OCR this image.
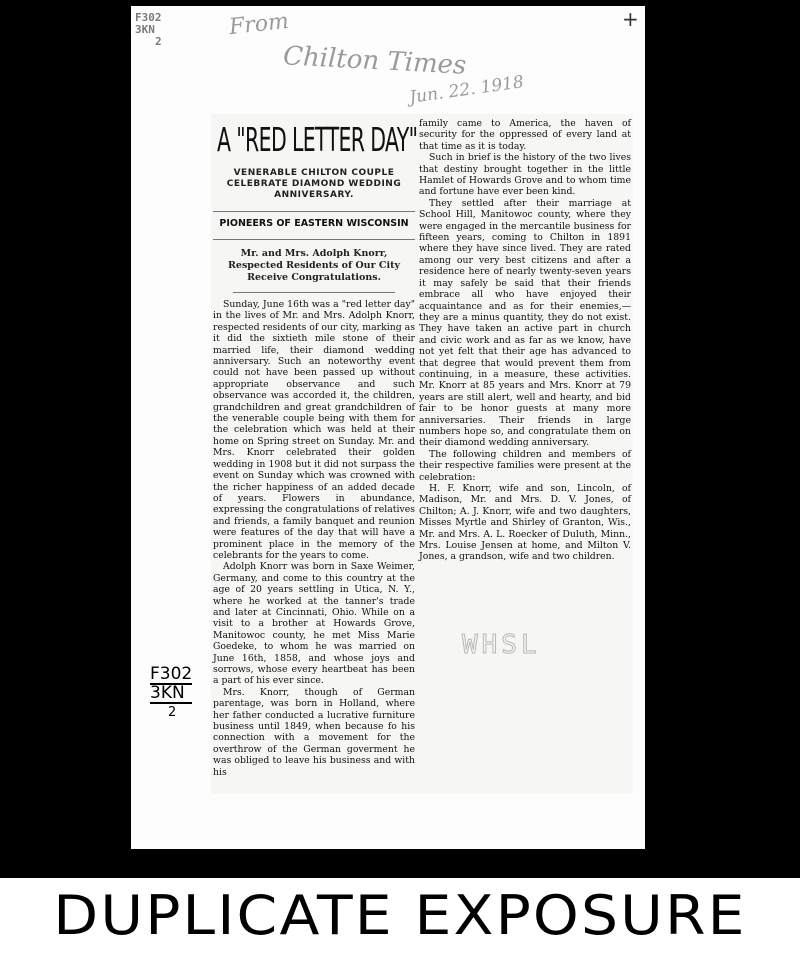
+
F302
3KN
2
From
Chilton Times
Jun. 22. 1918
A "RED LETTER DAY"
VENERABLE CHILTON COUPLE CELEBRATE DIAMOND WEDDING ANNIVERSARY.
PIONEERS OF EASTERN WISCONSIN
Mr. and Mrs. Adolph Knorr, Respected Residents of Our City Receive Congratulations.

Sunday, June 16th was a "red letter day" in the lives of Mr. and Mrs. Adolph Knorr, respected residents of our city, marking as it did the sixtieth mile stone of their married life, their diamond wedding anniversary. Such an noteworthy event could not have been passed up without appropriate observance and such observance was accorded it, the children, grandchildren and great grandchildren of the venerable couple being with them for the celebration which was held at their home on Spring street on Sunday. Mr. and Mrs. Knorr celebrated their golden wedding in 1908 but it did not surpass the event on Sunday which was crowned with the richer happiness of an added decade of years. Flowers in abundance, expressing the congratulations of relatives and friends, a family banquet and reunion were features of the day that will have a prominent place in the memory of the celebrants for the years to come.

Adolph Knorr was born in Saxe Weimer, Germany, and come to this country at the age of 20 years settling in Utica, N. Y., where he worked at the tanner's trade and later at Cincinnati, Ohio. While on a visit to a brother at Howards Grove, Manitowoc county, he met Miss Marie Goedeke, to whom he was married on June 16th, 1858, and whose joys and sorrows, whose every heartbeat has been a part of his ever since.

Mrs. Knorr, though of German parentage, was born in Holland, where her father conducted a lucrative furniture business until 1849, when because fo his connection with a movement for the overthrow of the German goverment he was obliged to leave his business and with his

family came to America, the haven of security for the oppressed of every land at that time as it is today.

Such in brief is the history of the two lives that destiny brought together in the little Hamlet of Howards Grove and to whom time and fortune have ever been kind.

They settled after their marriage at School Hill, Manitowoc county, where they were engaged in the mercantile business for fifteen years, coming to Chilton in 1891 where they have since lived. They are rated among our very best citizens and after a residence here of nearly twenty-seven years it may safely be said that their friends embrace all who have enjoyed their acquaintance and as for their enemies,—they are a minus quantity, they do not exist. They have taken an active part in church and civic work and as far as we know, have not yet felt that their age has advanced to that degree that would prevent them from continuing, in a measure, these activities. Mr. Knorr at 85 years and Mrs. Knorr at 79 years are still alert, well and hearty, and bid fair to be honor guests at many more anniversaries. Their friends in large numbers hope so, and congratulate them on their diamond wedding anniversary.

The following children and members of their respective families were present at the celebration:

H. F. Knorr, wife and son, Lincoln, of Madison, Mr. and Mrs. D. V. Jones, of Chilton; A. J. Knorr, wife and two daughters, Misses Myrtle and Shirley of Granton, Wis., Mr. and Mrs. A. L. Roecker of Duluth, Minn., Mrs. Louise Jensen at home, and Milton V. Jones, a grandson, wife and two children.

WHSL
F302
3KN
2
DUPLICATE EXPOSURE
